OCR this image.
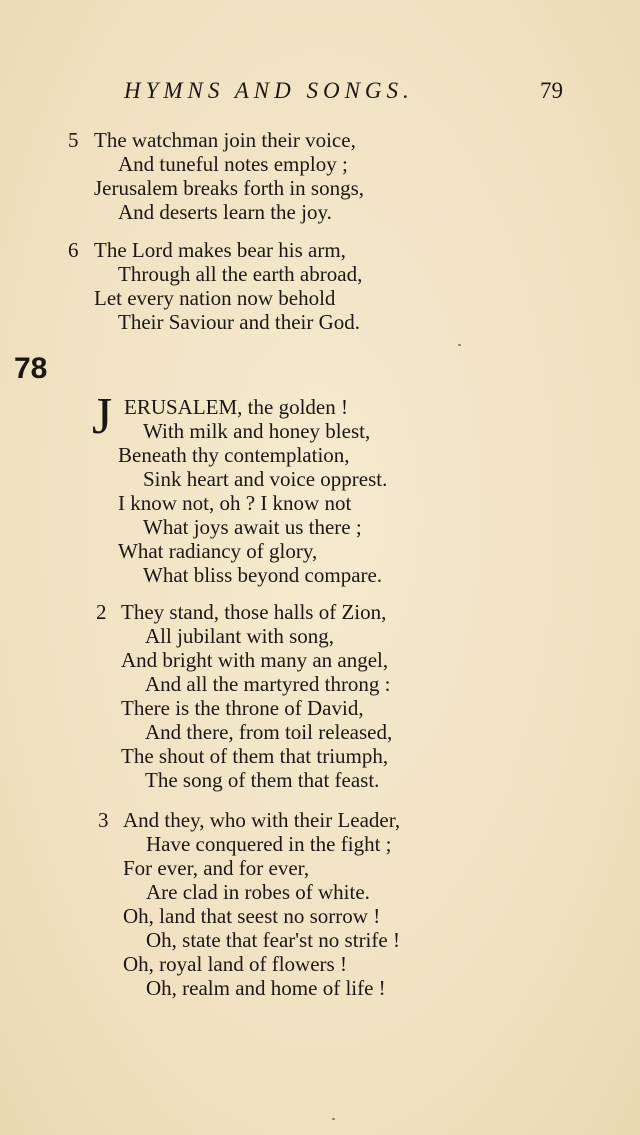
HYMNS AND SONGS.	79
5 The watchman join their voice,
And tuneful notes employ ;
Jerusalem breaks forth in songs,
And deserts learn the joy.
6 The Lord makes bear his arm,
Through all the earth abroad,
Let every nation now behold
Their Saviour and their God.
78
J ERUSALEM, the golden !
With milk and honey blest,
Beneath thy contemplation,
Sink heart and voice opprest.
I know not, oh ? I know not
What joys await us there ;
What radiancy of glory,
What bliss beyond compare.
2 They stand, those halls of Zion,
All jubilant with song,
And bright with many an angel,
And all the martyred throng :
There is the throne of David,
And there, from toil released,
The shout of them that triumph,
The song of them that feast.
3 And they, who with their Leader,
Have conquered in the fight ;
For ever, and for ever,
Are clad in robes of white.
Oh, land that seest no sorrow !
Oh, state that fear'st no strife !
Oh, royal land of flowers !
Oh, realm and home of life !
